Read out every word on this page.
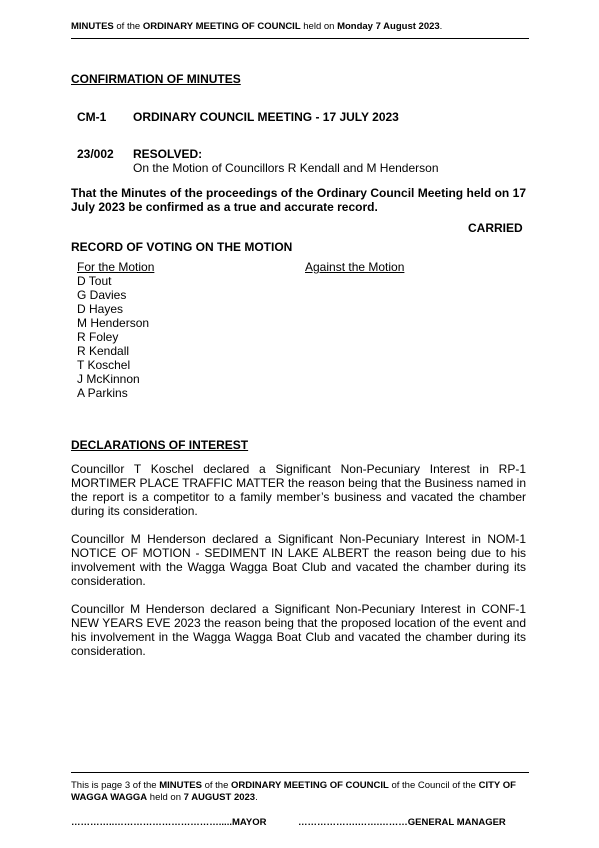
MINUTES of the ORDINARY MEETING OF COUNCIL held on Monday 7 August 2023.
CONFIRMATION OF MINUTES
CM-1 ORDINARY COUNCIL MEETING - 17 JULY 2023
23/002 RESOLVED:
On the Motion of Councillors R Kendall and M Henderson
That the Minutes of the proceedings of the Ordinary Council Meeting held on 17 July 2023 be confirmed as a true and accurate record.
CARRIED
RECORD OF VOTING ON THE MOTION
For the Motion
D Tout
G Davies
D Hayes
M Henderson
R Foley
R Kendall
T Koschel
J McKinnon
A Parkins
Against the Motion
DECLARATIONS OF INTEREST
Councillor T Koschel declared a Significant Non-Pecuniary Interest in RP-1 MORTIMER PLACE TRAFFIC MATTER the reason being that the Business named in the report is a competitor to a family member’s business and vacated the chamber during its consideration.
Councillor M Henderson declared a Significant Non-Pecuniary Interest in NOM-1 NOTICE OF MOTION - SEDIMENT IN LAKE ALBERT the reason being due to his involvement with the Wagga Wagga Boat Club and vacated the chamber during its consideration.
Councillor M Henderson declared a Significant Non-Pecuniary Interest in CONF-1 NEW YEARS EVE 2023 the reason being that the proposed location of the event and his involvement in the Wagga Wagga Boat Club and vacated the chamber during its consideration.
This is page 3 of the MINUTES of the ORDINARY MEETING OF COUNCIL of the Council of the CITY OF WAGGA WAGGA held on 7 AUGUST 2023.
…………..…………………………….....MAYOR	……………….…….………GENERAL MANAGER
